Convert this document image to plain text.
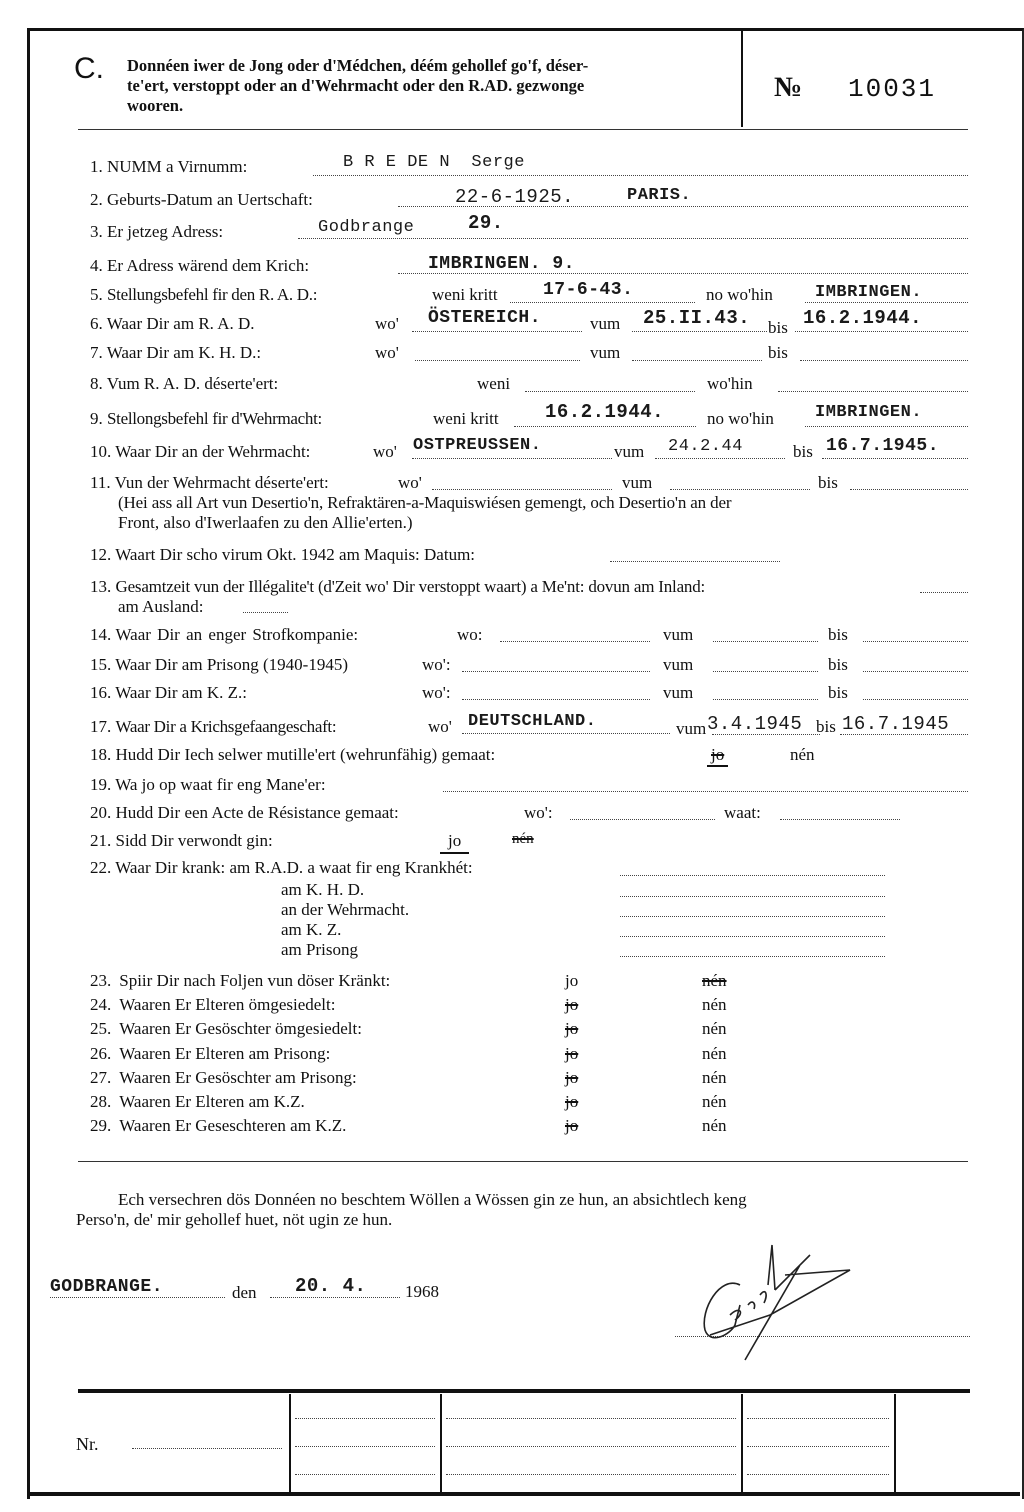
C. Donnéen iwer de Jong oder d'Médchen, déém gehollef go'f, déser-
te'ert, verstoppt oder an d'Wehrmacht oder den R.AD. gezwonge
wooren.
№ 10031
1. NUMM a Virnumm:	B R E DE N  Serge
2. Geburts-Datum an Uertschaft:	22-6-1925.	PARIS.
3. Er jetzeg Adress:	Godbrange	29.
4. Er Adress wärend dem Krich:	IMBRINGEN. 9.
5. Stellungsbefehl fir den R. A. D.:	weni kritt	17-6-43.	no wo'hin IMBRINGEN.
6. Waar Dir am R. A. D.	wo' ÖSTEREICH.	vum 25.II.43. bis 16.2.1944.
7. Waar Dir am K. H. D.:	wo'	vum	bis
8. Vum R. A. D. déserte'ert:	weni	wo'hin
9. Stellongsbefehl fir d'Wehrmacht:	weni kritt 16.2.1944.	no wo'hin IMBRINGEN.
10. Waar Dir an der Wehrmacht:	wo' OSTPREUSSEN.	vum 24.2.44	bis 16.7.1945.
11. Vun der Wehrmacht déserte'ert:	wo'	vum	bis
(Hei ass all Art vun Desertio'n, Refraktären-a-Maquiswiésen gemengt, och Desertio'n an der
Front, also d'Iwerlaafen zu den Allie'erten.)
12. Waart Dir scho virum Okt. 1942 am Maquis: Datum:
13. Gesamtzeit vun der Illégalite't (d'Zeit wo' Dir verstoppt waart) a Me'nt: dovun am Inland:
am Ausland:
14. Waar Dir an enger Strofkompanie:	wo:	vum	bis
15. Waar Dir am Prisong (1940-1945)	wo':	vum	bis
16. Waar Dir am K. Z.:	wo':	vum	bis
17. Waar Dir a Krichsgefaangeschaft:	wo' DEUTSCHLAND.	vum 3.4.1945 bis 16.7.1945
18. Hudd Dir Iech selwer mutille'ert (wehrunfähig) gemaat:	jo	nén
19. Wa jo op waat fir eng Mane'er:
20. Hudd Dir een Acte de Résistance gemaat:	wo':	waat:
21. Sidd Dir verwondt gin:	jo	nén
22. Waar Dir krank: am R.A.D. a waat fir eng Krankhét:
am K. H. D.
an der Wehrmacht.
am K. Z.
am Prisong
23. Spiir Dir nach Foljen vun döser Kränkt:	jo	nén
24. Waaren Er Elteren ömgesiedelt:	jo	nén
25. Waaren Er Gesöschter ömgesiedelt:	jo	nén
26. Waaren Er Elteren am Prisong:	jo	nén
27. Waaren Er Gesöschter am Prisong:	jo	nén
28. Waaren Er Elteren am K.Z.	jo	nén
29. Waaren Er Geseschteren am K.Z.	jo	nén
Ech versechren dös Donnéen no beschtem Wöllen a Wössen gin ze hun, an absichtlech keng
Perso'n, de' mir gehollef huet, nöt ugin ze hun.
GODBRANGE.	den 20. 4. 1968
Nr.
